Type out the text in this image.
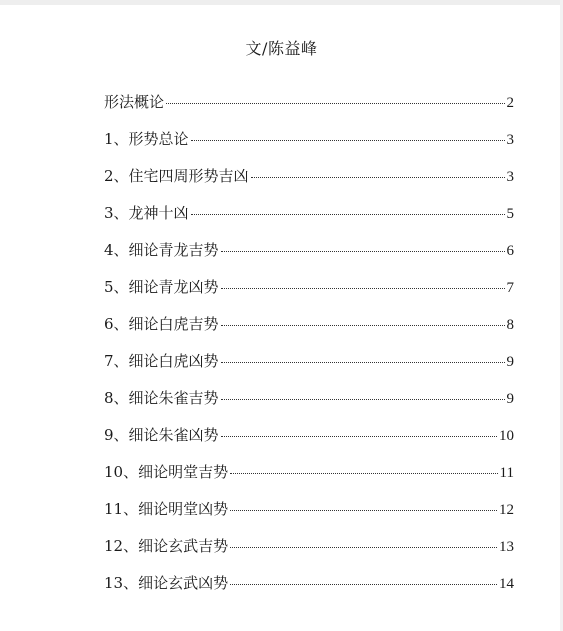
文/陈益峰
形法概论	2
1、形势总论	3
2、住宅四周形势吉凶	3
3、龙神十凶	5
4、细论青龙吉势	6
5、细论青龙凶势	7
6、细论白虎吉势	8
7、细论白虎凶势	9
8、细论朱雀吉势	9
9、细论朱雀凶势	10
10、细论明堂吉势	11
11、细论明堂凶势	12
12、细论玄武吉势	13
13、细论玄武凶势	14
